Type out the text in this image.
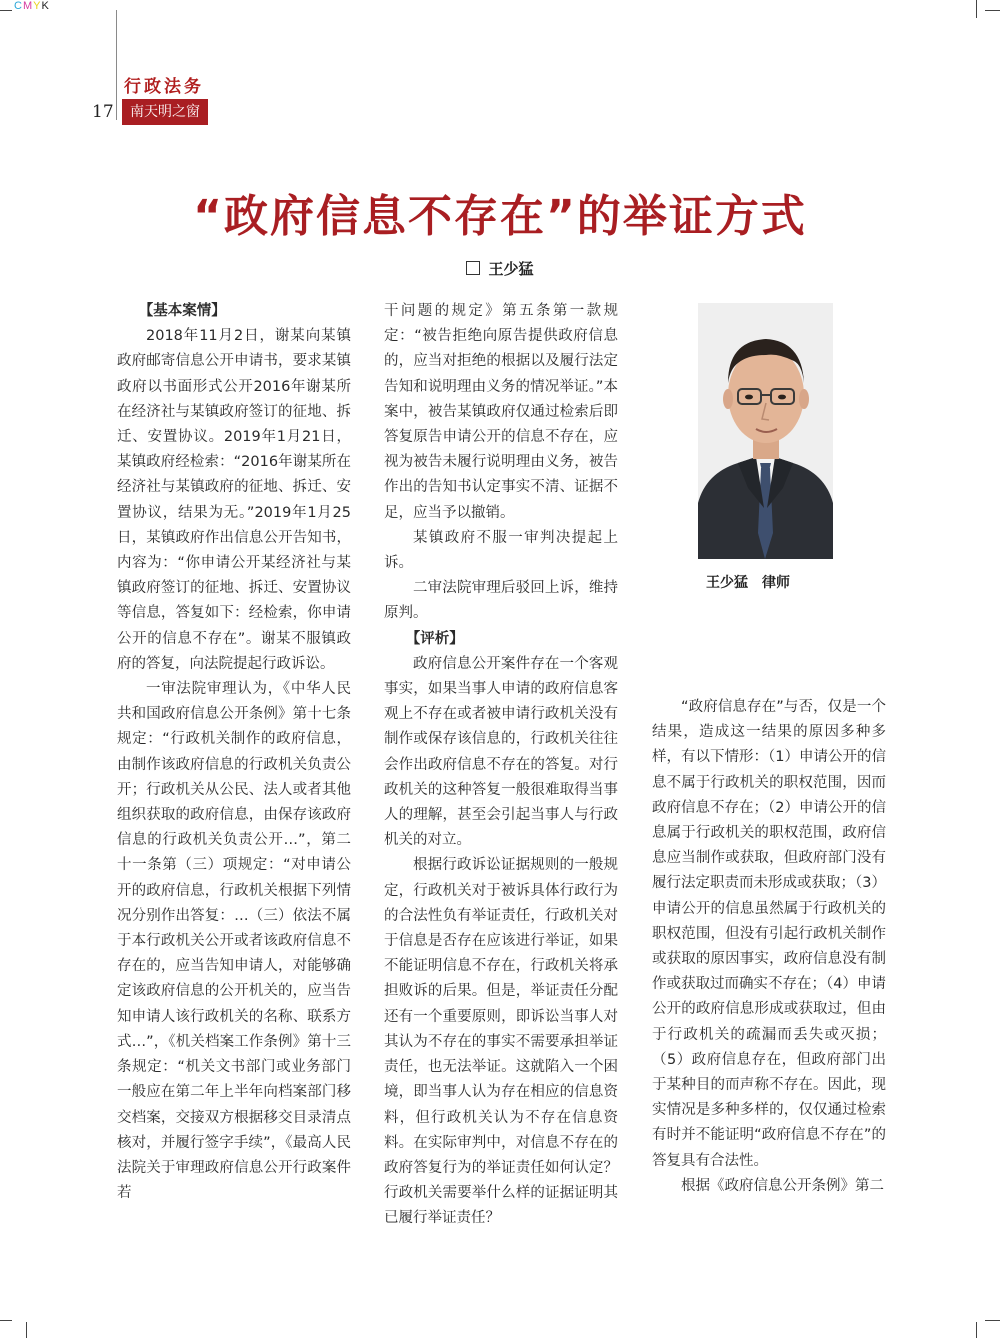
CMYK
行政法务
17	南天明之窗
“政府信息不存在”的举证方式
王少猛

【基本案情】

2018年11月2日，谢某向某镇政府邮寄信息公开申请书，要求某镇政府以书面形式公开2016年谢某所在经济社与某镇政府签订的征地、拆迁、安置协议。2019年1月21日，某镇政府经检索：“2016年谢某所在经济社与某镇政府的征地、拆迁、安置协议，结果为无。”2019年1月25日，某镇政府作出信息公开告知书，内容为：“你申请公开某经济社与某镇政府签订的征地、拆迁、安置协议等信息，答复如下：经检索，你申请公开的信息不存在”。谢某不服镇政府的答复，向法院提起行政诉讼。

一审法院审理认为，《中华人民共和国政府信息公开条例》第十七条规定：“行政机关制作的政府信息，由制作该政府信息的行政机关负责公开；行政机关从公民、法人或者其他组织获取的政府信息，由保存该政府信息的行政机关负责公开…”，第二十一条第（三）项规定：“对申请公开的政府信息，行政机关根据下列情况分别作出答复：…（三）依法不属于本行政机关公开或者该政府信息不存在的，应当告知申请人，对能够确定该政府信息的公开机关的，应当告知申请人该行政机关的名称、联系方式…”，《机关档案工作条例》第十三条规定：“机关文书部门或业务部门一般应在第二年上半年向档案部门移交档案，交接双方根据移交目录清点核对，并履行签字手续”，《最高人民法院关于审理政府信息公开行政案件若

干问题的规定》第五条第一款规定：“被告拒绝向原告提供政府信息的，应当对拒绝的根据以及履行法定告知和说明理由义务的情况举证。”本案中，被告某镇政府仅通过检索后即答复原告申请公开的信息不存在，应视为被告未履行说明理由义务，被告作出的告知书认定事实不清、证据不足，应当予以撤销。

某镇政府不服一审判决提起上诉。

二审法院审理后驳回上诉，维持原判。

【评析】

政府信息公开案件存在一个客观事实，如果当事人申请的政府信息客观上不存在或者被申请行政机关没有制作或保存该信息的，行政机关往往会作出政府信息不存在的答复。对行政机关的这种答复一般很难取得当事人的理解，甚至会引起当事人与行政机关的对立。

根据行政诉讼证据规则的一般规定，行政机关对于被诉具体行政行为的合法性负有举证责任，行政机关对于信息是否存在应该进行举证，如果不能证明信息不存在，行政机关将承担败诉的后果。但是，举证责任分配还有一个重要原则，即诉讼当事人对其认为不存在的事实不需要承担举证责任，也无法举证。这就陷入一个困境，即当事人认为存在相应的信息资料，但行政机关认为不存在信息资料。在实际审判中，对信息不存在的政府答复行为的举证责任如何认定？行政机关需要举什么样的证据证明其已履行举证责任？

王少猛　律师

“政府信息存在”与否，仅是一个结果，造成这一结果的原因多种多样，有以下情形：（1）申请公开的信息不属于行政机关的职权范围，因而政府信息不存在；（2）申请公开的信息属于行政机关的职权范围，政府信息应当制作或获取，但政府部门没有履行法定职责而未形成或获取；（3）申请公开的信息虽然属于行政机关的职权范围，但没有引起行政机关制作或获取的原因事实，政府信息没有制作或获取过而确实不存在；（4）申请公开的政府信息形成或获取过，但由于行政机关的疏漏而丢失或灭损；（5）政府信息存在，但政府部门出于某种目的而声称不存在。因此，现实情况是多种多样的，仅仅通过检索有时并不能证明“政府信息不存在”的答复具有合法性。

根据《政府信息公开条例》第二
